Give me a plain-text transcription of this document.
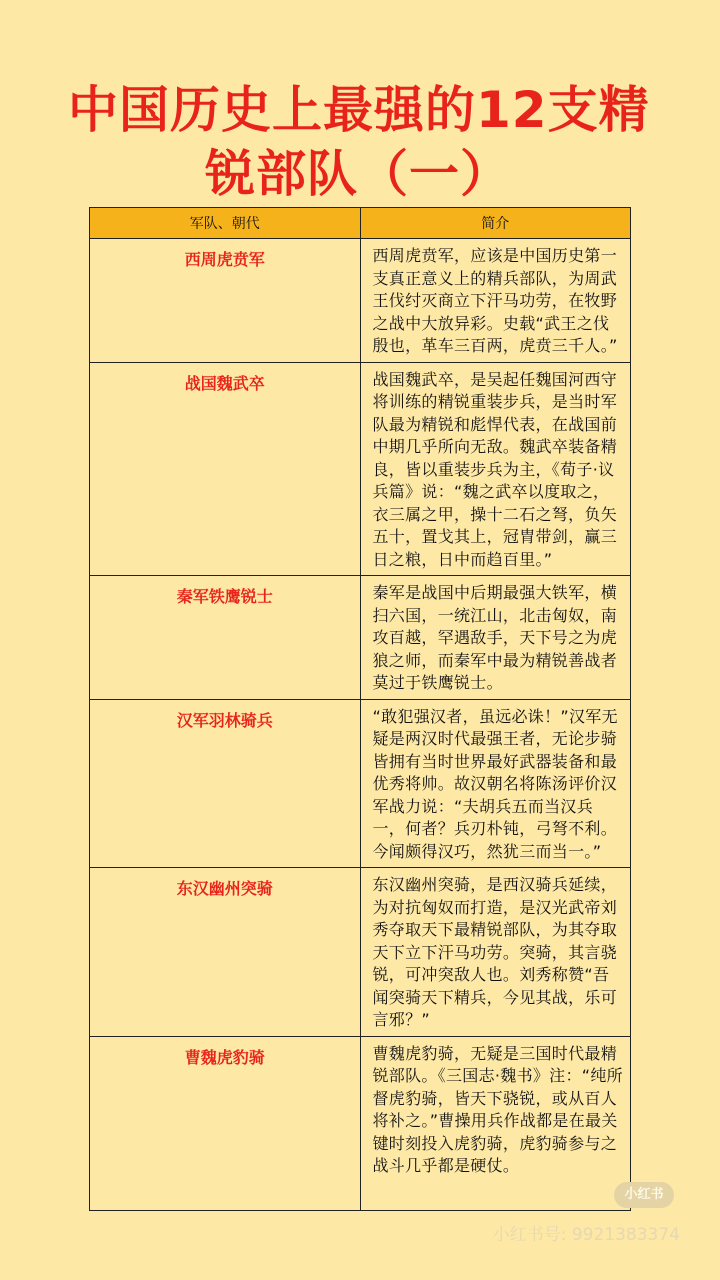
中国历史上最强的12支精
锐部队（一）
军队、朝代	简介
西周虎贲军	西周虎贲军，应该是中国历史第一支真正意义上的精兵部队，为周武王伐纣灭商立下汗马功劳，在牧野之战中大放异彩。史载“武王之伐殷也，革车三百两，虎贲三千人。”
战国魏武卒	战国魏武卒，是吴起任魏国河西守将训练的精锐重装步兵，是当时军队最为精锐和彪悍代表，在战国前中期几乎所向无敌。魏武卒装备精良，皆以重装步兵为主，《荀子·议兵篇》说：“魏之武卒以度取之，衣三属之甲，操十二石之弩，负矢五十，置戈其上，冠胄带剑，赢三日之粮，日中而趋百里。”
秦军铁鹰锐士	秦军是战国中后期最强大铁军，横扫六国，一统江山，北击匈奴，南攻百越，罕遇敌手，天下号之为虎狼之师，而秦军中最为精锐善战者莫过于铁鹰锐士。
汉军羽林骑兵	“敢犯强汉者，虽远必诛！”汉军无疑是两汉时代最强王者，无论步骑皆拥有当时世界最好武器装备和最优秀将帅。故汉朝名将陈汤评价汉军战力说：“夫胡兵五而当汉兵一，何者？兵刃朴钝，弓弩不利。今闻颇得汉巧，然犹三而当一。”
东汉幽州突骑	东汉幽州突骑，是西汉骑兵延续，为对抗匈奴而打造，是汉光武帝刘秀夺取天下最精锐部队，为其夺取天下立下汗马功劳。突骑，其言骁锐，可冲突敌人也。刘秀称赞“吾闻突骑天下精兵，今见其战，乐可言邪？”
曹魏虎豹骑	曹魏虎豹骑，无疑是三国时代最精锐部队。《三国志·魏书》注：“纯所督虎豹骑，皆天下骁锐，或从百人将补之。”曹操用兵作战都是在最关键时刻投入虎豹骑，虎豹骑参与之战斗几乎都是硬仗。
小红书
小红书号: 9921383374
